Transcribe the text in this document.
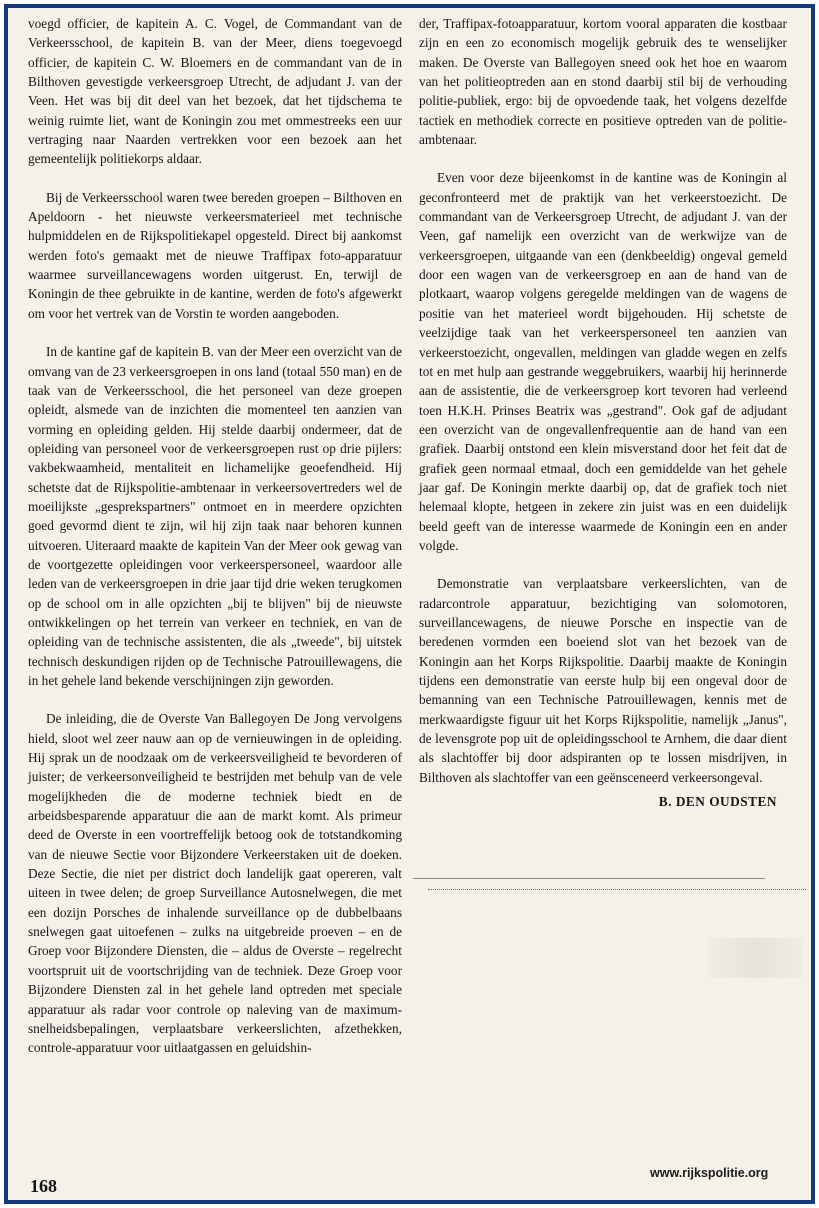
voegd officier, de kapitein A. C. Vogel, de Commandant van de Verkeersschool, de kapitein B. van der Meer, diens toegevoegd officier, de kapitein C. W. Bloemers en de commandant van de in Bilthoven gevestigde verkeersgroep Utrecht, de adjudant J. van der Veen. Het was bij dit deel van het bezoek, dat het tijdschema te weinig ruimte liet, want de Koningin zou met ommestreeks een uur vertraging naar Naarden vertrekken voor een bezoek aan het gemeentelijk politiekorps aldaar.

Bij de Verkeersschool waren twee bereden groepen – Bilthoven en Apeldoorn - het nieuwste verkeersmaterieel met technische hulpmiddelen en de Rijkspolitiekapel opgesteld. Direct bij aankomst werden foto's gemaakt met de nieuwe Traffipax foto-apparatuur waarmee surveillancewagens worden uitgerust. En, terwijl de Koningin de thee gebruikte in de kantine, werden de foto's afgewerkt om voor het vertrek van de Vorstin te worden aangeboden.

In de kantine gaf de kapitein B. van der Meer een overzicht van de omvang van de 23 verkeersgroepen in ons land (totaal 550 man) en de taak van de Verkeersschool, die het personeel van deze groepen opleidt, alsmede van de inzichten die momenteel ten aanzien van vorming en opleiding gelden. Hij stelde daarbij ondermeer, dat de opleiding van personeel voor de verkeersgroepen rust op drie pijlers: vakbekwaamheid, mentaliteit en lichamelijke geoefendheid. Hij schetste dat de Rijkspolitie-ambtenaar in verkeersovertreders wel de moeilijkste „gesprekspartners" ontmoet en in meerdere opzichten goed gevormd dient te zijn, wil hij zijn taak naar behoren kunnen uitvoeren. Uiteraard maakte de kapitein Van der Meer ook gewag van de voortgezette opleidingen voor verkeerspersoneel, waardoor alle leden van de verkeersgroepen in drie jaar tijd drie weken terugkomen op de school om in alle opzichten „bij te blijven" bij de nieuwste ontwikkelingen op het terrein van verkeer en techniek, en van de opleiding van de technische assistenten, die als „tweede", bij uitstek technisch deskundigen rijden op de Technische Patrouillewagens, die in het gehele land bekende verschijningen zijn geworden.

De inleiding, die de Overste Van Ballegoyen De Jong vervolgens hield, sloot wel zeer nauw aan op de vernieuwingen in de opleiding. Hij sprak un de noodzaak om de verkeersveiligheid te bevorderen of juister; de verkeersonveiligheid te bestrijden met behulp van de vele mogelijkheden die de moderne techniek biedt en de arbeidsbesparende apparatuur die aan de markt komt. Als primeur deed de Overste in een voortreffelijk betoog ook de totstandkoming van de nieuwe Sectie voor Bijzondere Verkeerstaken uit de doeken. Deze Sectie, die niet per district doch landelijk gaat opereren, valt uiteen in twee delen; de groep Surveillance Autosnelwegen, die met een dozijn Porsches de inhalende surveillance op de dubbelbaans snelwegen gaat uitoefenen – zulks na uitgebreide proeven – en de Groep voor Bijzondere Diensten, die – aldus de Overste – regelrecht voortspruit uit de voortschrijding van de techniek. Deze Groep voor Bijzondere Diensten zal in het gehele land optreden met speciale apparatuur als radar voor controle op naleving van de maximum-snelheidsbepalingen, verplaatsbare verkeerslichten, afzethekken, controle-apparatuur voor uitlaatgassen en geluidshin-

der, Traffipax-fotoapparatuur, kortom vooral apparaten die kostbaar zijn en een zo economisch mogelijk gebruik des te wenselijker maken. De Overste van Ballegoyen sneed ook het hoe en waarom van het politieoptreden aan en stond daarbij stil bij de verhouding politie-publiek, ergo: bij de opvoedende taak, het volgens dezelfde tactiek en methodiek correcte en positieve optreden van de politie-ambtenaar.

Even voor deze bijeenkomst in de kantine was de Koningin al geconfronteerd met de praktijk van het verkeerstoezicht. De commandant van de Verkeersgroep Utrecht, de adjudant J. van der Veen, gaf namelijk een overzicht van de werkwijze van de verkeersgroepen, uitgaande van een (denkbeeldig) ongeval gemeld door een wagen van de verkeersgroep en aan de hand van de plotkaart, waarop volgens geregelde meldingen van de wagens de positie van het materieel wordt bijgehouden. Hij schetste de veelzijdige taak van het verkeerspersoneel ten aanzien van verkeerstoezicht, ongevallen, meldingen van gladde wegen en zelfs tot en met hulp aan gestrande weggebruikers, waarbij hij herinnerde aan de assistentie, die de verkeersgroep kort tevoren had verleend toen H.K.H. Prinses Beatrix was „gestrand". Ook gaf de adjudant een overzicht van de ongevallenfrequentie aan de hand van een grafiek. Daarbij ontstond een klein misverstand door het feit dat de grafiek geen normaal etmaal, doch een gemiddelde van het gehele jaar gaf. De Koningin merkte daarbij op, dat de grafiek toch niet helemaal klopte, hetgeen in zekere zin juist was en een duidelijk beeld geeft van de interesse waarmede de Koningin een en ander volgde.

Demonstratie van verplaatsbare verkeerslichten, van de radarcontrole apparatuur, bezichtiging van solomotoren, surveillancewagens, de nieuwe Porsche en inspectie van de beredenen vormden een boeiend slot van het bezoek van de Koningin aan het Korps Rijkspolitie. Daarbij maakte de Koningin tijdens een demonstratie van eerste hulp bij een ongeval door de bemanning van een Technische Patrouillewagen, kennis met de merkwaardigste figuur uit het Korps Rijkspolitie, namelijk „Janus", de levensgrote pop uit de opleidingsschool te Arnhem, die daar dient als slachtoffer bij door adspiranten op te lossen misdrijven, in Bilthoven als slachtoffer van een geënsceneerd verkeersongeval.

B. DEN OUDSTEN
168
www.rijkspolitie.org
